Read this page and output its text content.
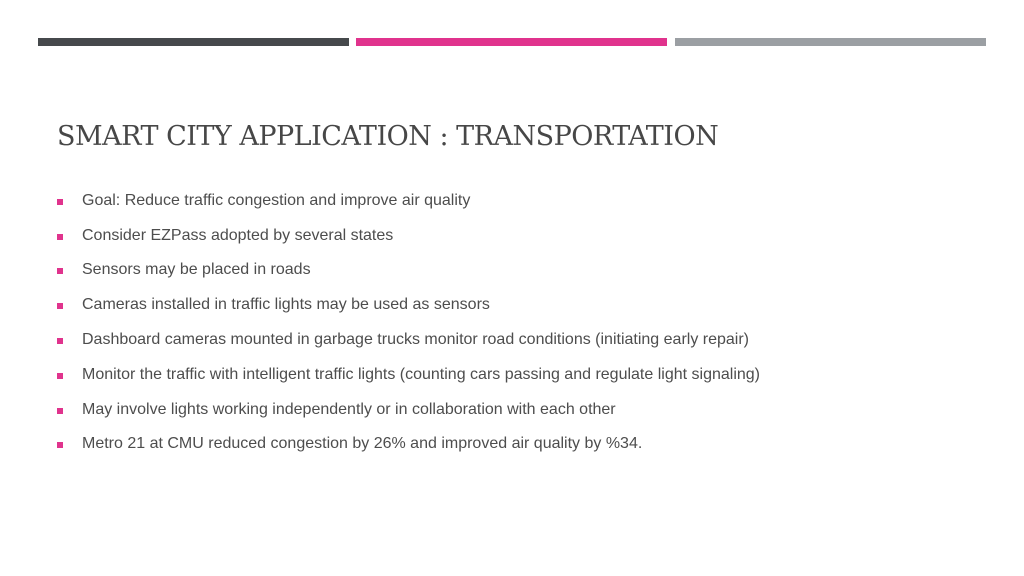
SMART CITY APPLICATION : TRANSPORTATION
Goal: Reduce traffic congestion and improve air quality
Consider EZPass adopted by several states
Sensors may be placed in roads
Cameras installed in traffic lights may be used as sensors
Dashboard cameras mounted in garbage trucks monitor road conditions (initiating early repair)
Monitor the traffic with intelligent traffic lights (counting cars passing and regulate light signaling)
May involve lights working independently or in collaboration with each other
Metro 21 at CMU reduced congestion by 26% and improved air quality by %34.
